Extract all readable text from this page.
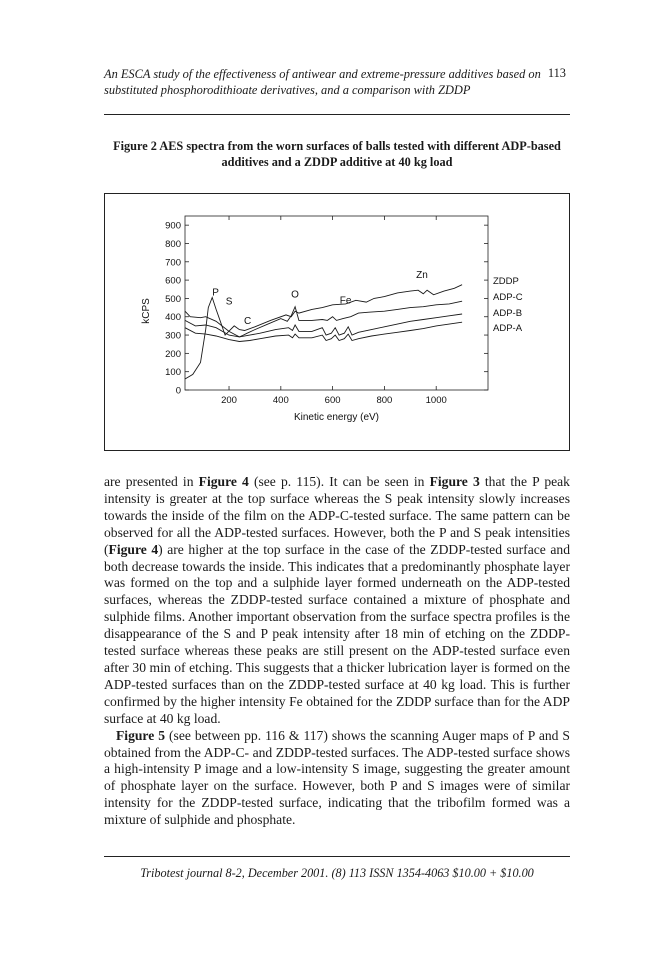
An ESCA study of the effectiveness of antiwear and extreme-pressure additives based on
substituted phosphorodithioate derivatives, and a comparison with ZDDP

113
Figure 2 AES spectra from the worn surfaces of balls tested with different ADP-based
additives and a ZDDP additive at 40 kg load
200	400	600	800	1000
0
100
200
300
400
500
600
700
800
900
Kinetic energy (eV)
kCPS
ZDDP
ADP-C
ADP-B
ADP-A
P
S
C
O
Fe
Zn

are presented in Figure 4 (see p. 115). It can be seen in Figure 3 that the P peak intensity is greater at the top surface whereas the S peak intensity slowly increases towards the inside of the film on the ADP-C-tested surface. The same pattern can be observed for all the ADP-tested surfaces. However, both the P and S peak intensities (Figure 4) are higher at the top surface in the case of the ZDDP-tested surface and both decrease towards the inside. This indicates that a predominantly phosphate layer was formed on the top and a sulphide layer formed underneath on the ADP-tested surfaces, whereas the ZDDP-tested surface contained a mixture of phosphate and sulphide films. Another important observation from the surface spectra profiles is the disappearance of the S and P peak intensity after 18 min of etching on the ZDDP-tested surface whereas these peaks are still present on the ADP-tested surface even after 30 min of etching. This suggests that a thicker lubrication layer is formed on the ADP-tested surfaces than on the ZDDP-tested surface at 40 kg load. This is further confirmed by the higher intensity Fe obtained for the ZDDP surface than for the ADP surface at 40 kg load.

Figure 5 (see between pp. 116 & 117) shows the scanning Auger maps of P and S obtained from the ADP-C- and ZDDP-tested surfaces. The ADP-tested surface shows a high-intensity P image and a low-intensity S image, suggesting the greater amount of phosphate layer on the surface. However, both P and S images were of similar intensity for the ZDDP-tested surface, indicating that the tribofilm formed was a mixture of sulphide and phosphate.

Tribotest journal 8-2, December 2001. (8) 113 ISSN 1354-4063 $10.00 + $10.00
